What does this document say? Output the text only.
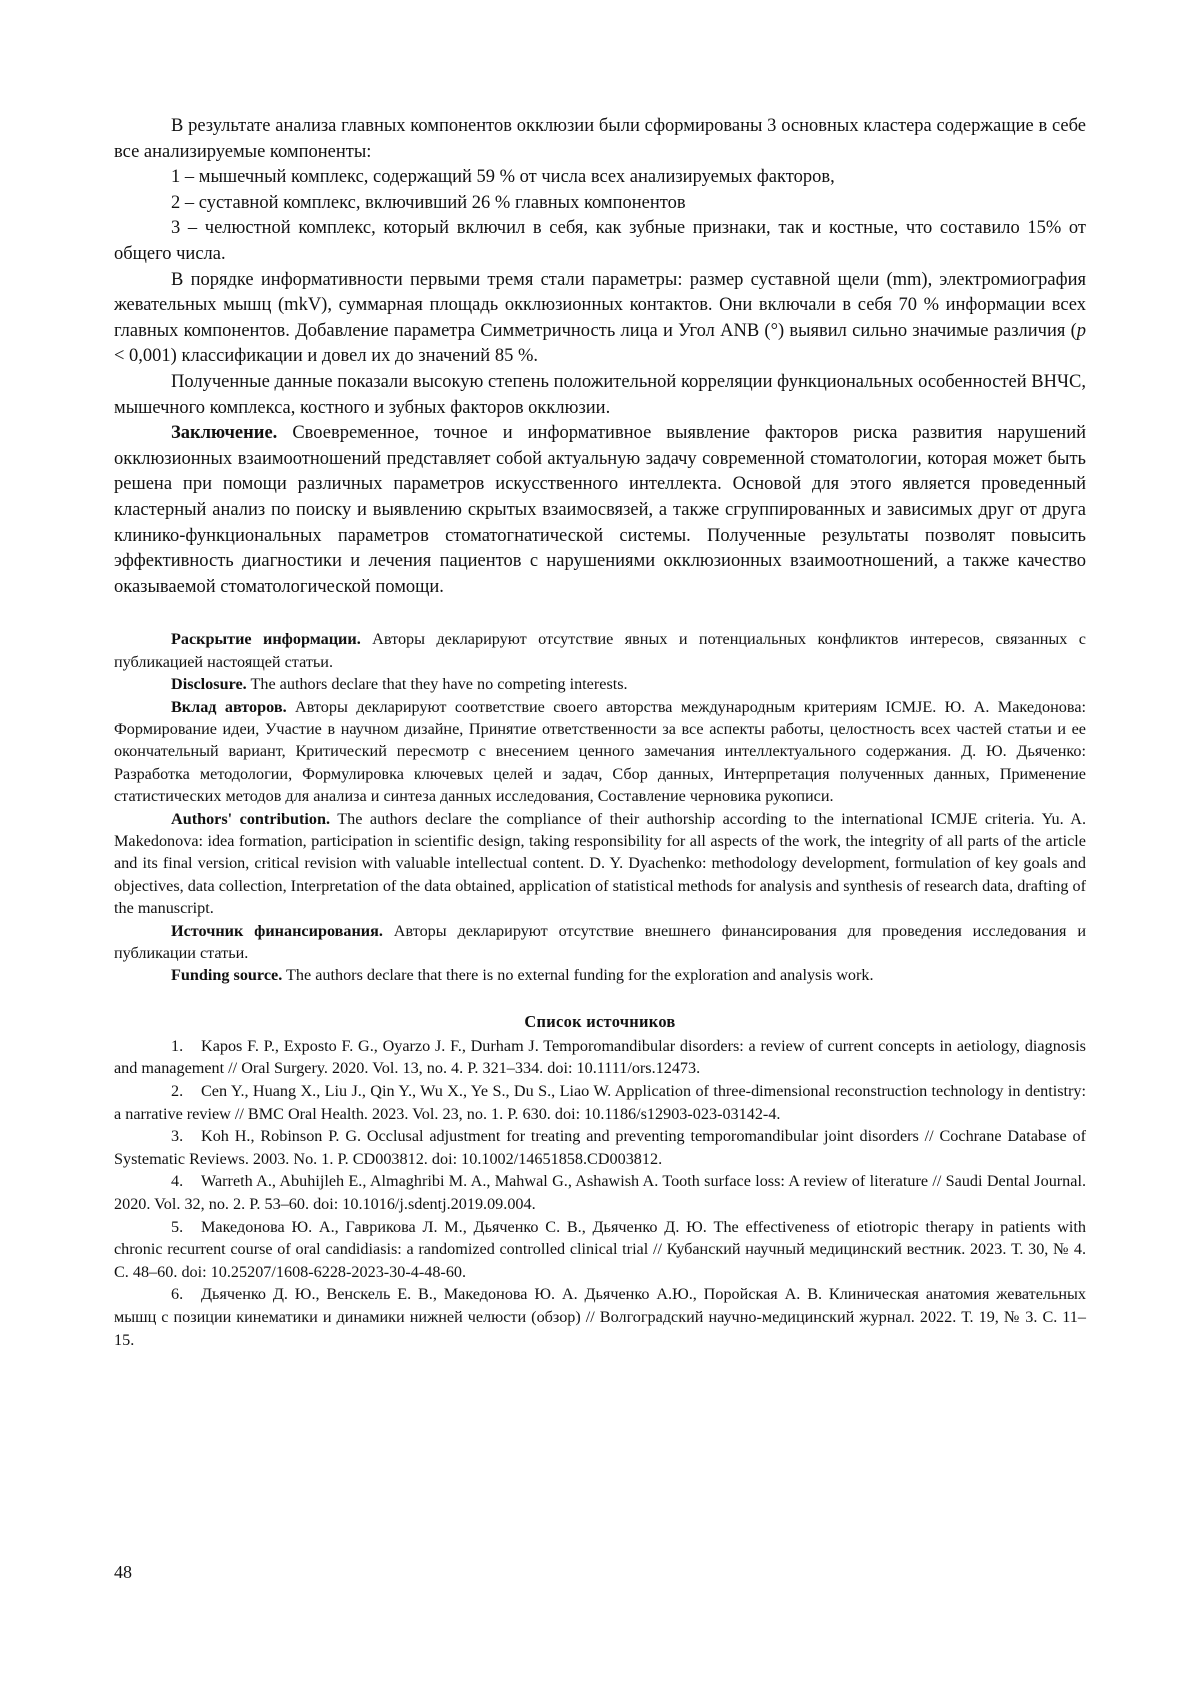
В результате анализа главных компонентов окклюзии были сформированы 3 основных кластера содержащие в себе все анализируемые компоненты:

1 – мышечный комплекс, содержащий 59 % от числа всех анализируемых факторов,

2 – суставной комплекс, включивший 26 % главных компонентов

3 – челюстной комплекс, который включил в себя, как зубные признаки, так и костные, что составило 15% от общего числа.

В порядке информативности первыми тремя стали параметры: размер суставной щели (mm), электромиография жевательных мышц (mkV), суммарная площадь окклюзионных контактов. Они включали в себя 70 % информации всех главных компонентов. Добавление параметра Симметричность лица и Угол ANB (°) выявил сильно значимые различия (p < 0,001) классификации и довел их до значений 85 %.

Полученные данные показали высокую степень положительной корреляции функциональных особенностей ВНЧС, мышечного комплекса, костного и зубных факторов окклюзии.

Заключение. Своевременное, точное и информативное выявление факторов риска развития нарушений окклюзионных взаимоотношений представляет собой актуальную задачу современной стоматологии, которая может быть решена при помощи различных параметров искусственного интеллекта. Основой для этого является проведенный кластерный анализ по поиску и выявлению скрытых взаимосвязей, а также сгруппированных и зависимых друг от друга клинико-функциональных параметров стоматогнатической системы. Полученные результаты позволят повысить эффективность диагностики и лечения пациентов с нарушениями окклюзионных взаимоотношений, а также качество оказываемой стоматологической помощи.

Раскрытие информации. Авторы декларируют отсутствие явных и потенциальных конфликтов интересов, связанных с публикацией настоящей статьи.

Disclosure. The authors declare that they have no competing interests.

Вклад авторов. Авторы декларируют соответствие своего авторства международным критериям ICMJE. Ю. А. Македонова: Формирование идеи, Участие в научном дизайне, Принятие ответственности за все аспекты работы, целостность всех частей статьи и ее окончательный вариант, Критический пересмотр с внесением ценного замечания интеллектуального содержания. Д. Ю. Дьяченко: Разработка методологии, Формулировка ключевых целей и задач, Сбор данных, Интерпретация полученных данных, Применение статистических методов для анализа и синтеза данных исследования, Составление черновика рукописи.

Authors' contribution. The authors declare the compliance of their authorship according to the international ICMJE criteria. Yu. A. Makedonova: idea formation, participation in scientific design, taking responsibility for all aspects of the work, the integrity of all parts of the article and its final version, critical revision with valuable intellectual content. D. Y. Dyachenko: methodology development, formulation of key goals and objectives, data collection, Interpretation of the data obtained, application of statistical methods for analysis and synthesis of research data, drafting of the manuscript.

Источник финансирования. Авторы декларируют отсутствие внешнего финансирования для проведения исследования и публикации статьи.

Funding source. The authors declare that there is no external funding for the exploration and analysis work.

Список источников

1. Kapos F. P., Exposto F. G., Oyarzo J. F., Durham J. Temporomandibular disorders: a review of current concepts in aetiology, diagnosis and management // Oral Surgery. 2020. Vol. 13, no. 4. P. 321–334. doi: 10.1111/ors.12473.

2. Cen Y., Huang X., Liu J., Qin Y., Wu X., Ye S., Du S., Liao W. Application of three-dimensional reconstruction technology in dentistry: a narrative review // BMC Oral Health. 2023. Vol. 23, no. 1. P. 630. doi: 10.1186/s12903-023-03142-4.

3. Koh H., Robinson P. G. Occlusal adjustment for treating and preventing temporomandibular joint disorders // Cochrane Database of Systematic Reviews. 2003. No. 1. P. CD003812. doi: 10.1002/14651858.CD003812.

4. Warreth A., Abuhijleh E., Almaghribi M. A., Mahwal G., Ashawish A. Tooth surface loss: A review of literature // Saudi Dental Journal. 2020. Vol. 32, no. 2. P. 53–60. doi: 10.1016/j.sdentj.2019.09.004.

5. Македонова Ю. А., Гаврикова Л. М., Дьяченко С. В., Дьяченко Д. Ю. The effectiveness of etiotropic therapy in patients with chronic recurrent course of oral candidiasis: a randomized controlled clinical trial // Кубанский научный медицинский вестник. 2023. Т. 30, № 4. С. 48–60. doi: 10.25207/1608-6228-2023-30-4-48-60.

6. Дьяченко Д. Ю., Венскель Е. В., Македонова Ю. А. Дьяченко А.Ю., Поройская А. В. Клиническая анатомия жевательных мышц с позиции кинематики и динамики нижней челюсти (обзор) // Волгоградский научно-медицинский журнал. 2022. Т. 19, № 3. С. 11–15.

48
